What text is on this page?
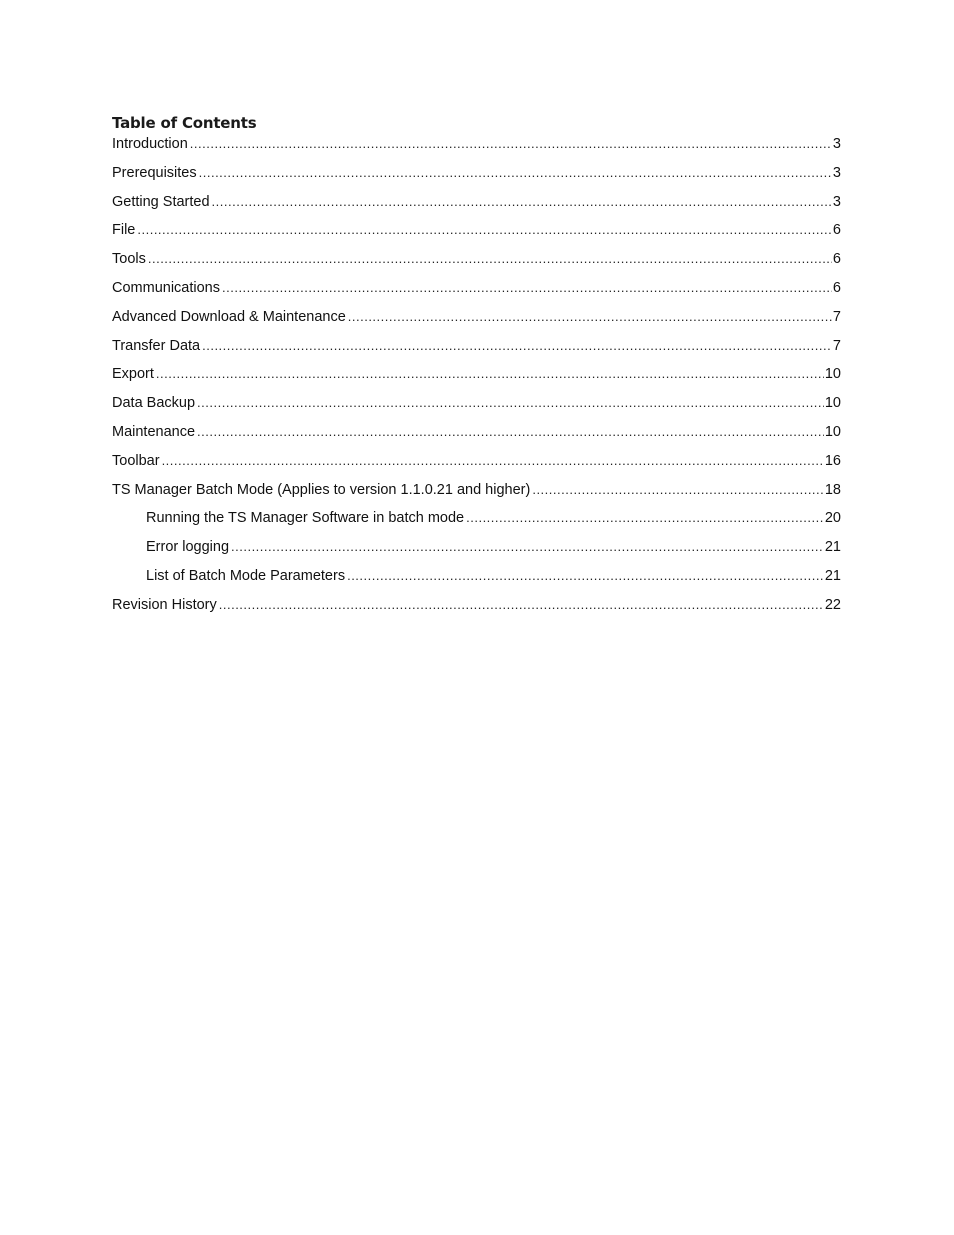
Table of Contents
Introduction .....	3
Prerequisites .....	3
Getting Started .....	3
File .....	6
Tools .....	6
Communications .....	6
Advanced Download & Maintenance .....	7
Transfer Data .....	7
Export .....	10
Data Backup .....	10
Maintenance .....	10
Toolbar .....	16
TS Manager Batch Mode (Applies to version 1.1.0.21 and higher) .....	18
Running the TS Manager Software in batch mode .....	20
Error logging .....	21
List of Batch Mode Parameters .....	21
Revision History .....	22
